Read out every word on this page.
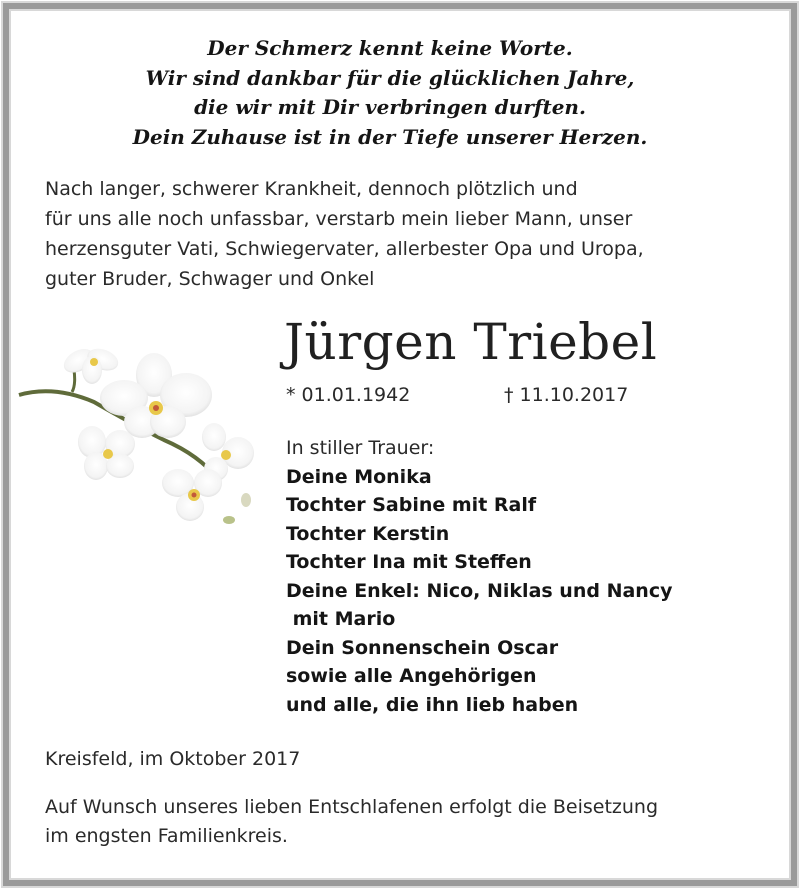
Der Schmerz kennt keine Worte.
Wir sind dankbar für die glücklichen Jahre,
die wir mit Dir verbringen durften.
Dein Zuhause ist in der Tiefe unserer Herzen.
Nach langer, schwerer Krankheit, dennoch plötzlich und
für uns alle noch unfassbar, verstarb mein lieber Mann, unser
herzensguter Vati, Schwiegervater, allerbester Opa und Uropa,
guter Bruder, Schwager und Onkel
Jürgen Triebel
* 01.01.1942	† 11.10.2017
In stiller Trauer:
Deine Monika
Tochter Sabine mit Ralf
Tochter Kerstin
Tochter Ina mit Steffen
Deine Enkel: Nico, Niklas und Nancy
mit Mario
Dein Sonnenschein Oscar
sowie alle Angehörigen
und alle, die ihn lieb haben
Kreisfeld, im Oktober 2017
Auf Wunsch unseres lieben Entschlafenen erfolgt die Beisetzung
im engsten Familienkreis.
